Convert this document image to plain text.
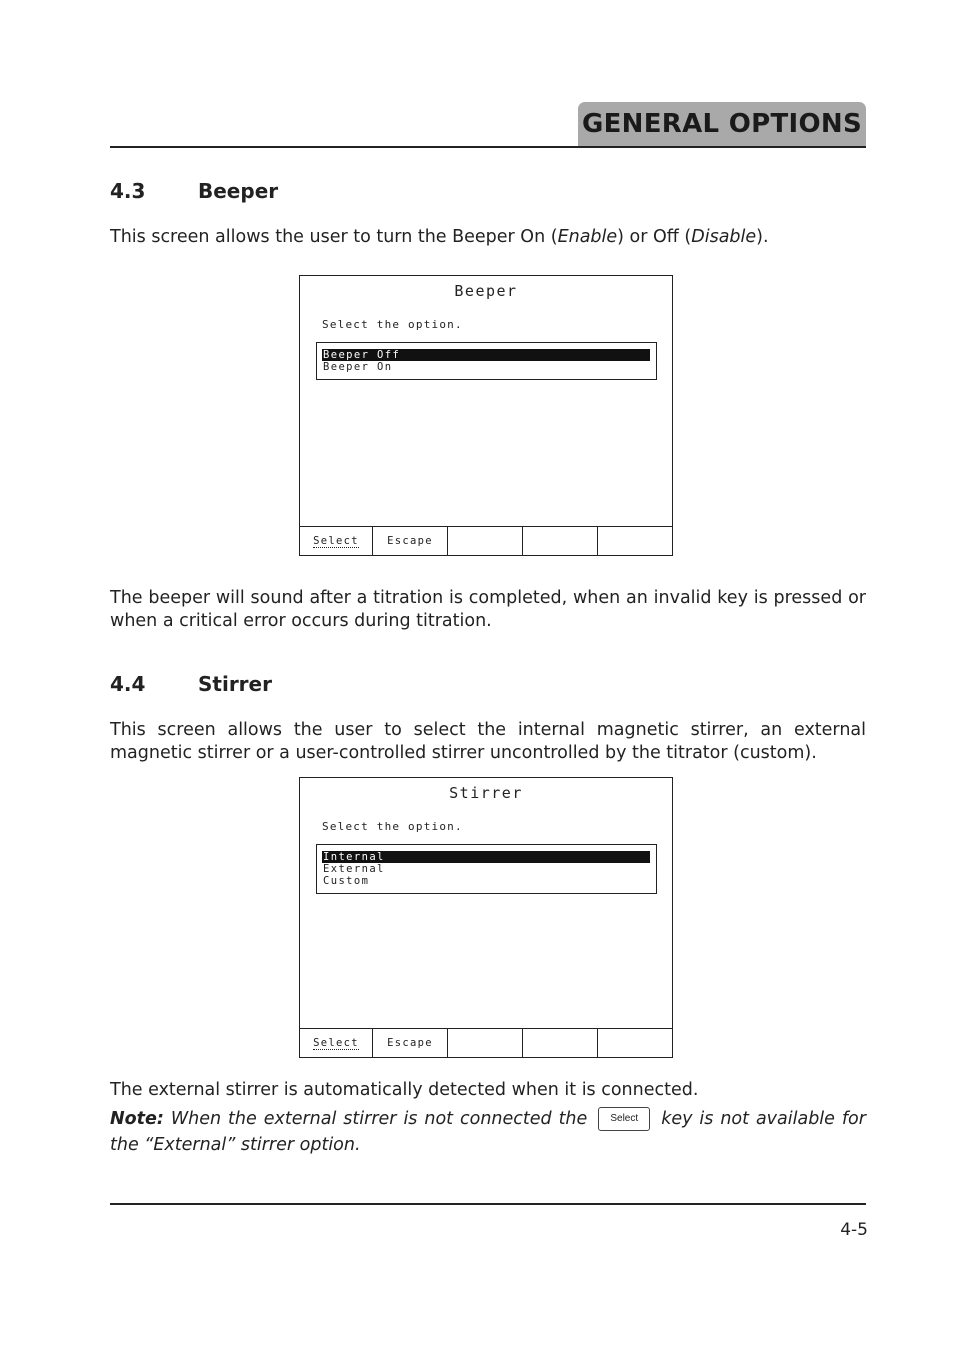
GENERAL OPTIONS
4.3	Beeper
This screen allows the user to turn the Beeper On (Enable) or Off (Disable).
Beeper
Select the option.
Beeper Off
Beeper On
Select	Escape
The beeper will sound after a titration is completed, when an invalid key is pressed or when a critical error occurs during titration.
4.4	Stirrer
This screen allows the user to select the internal magnetic stirrer, an external magnetic stirrer or a user-controlled stirrer uncontrolled by the titrator (custom).
Stirrer
Select the option.
Internal
External
Custom
Select	Escape
The external stirrer is automatically detected when it is connected.
Note: When the external stirrer is not connected the Select key is not available for the “External” stirrer option.
4-5
